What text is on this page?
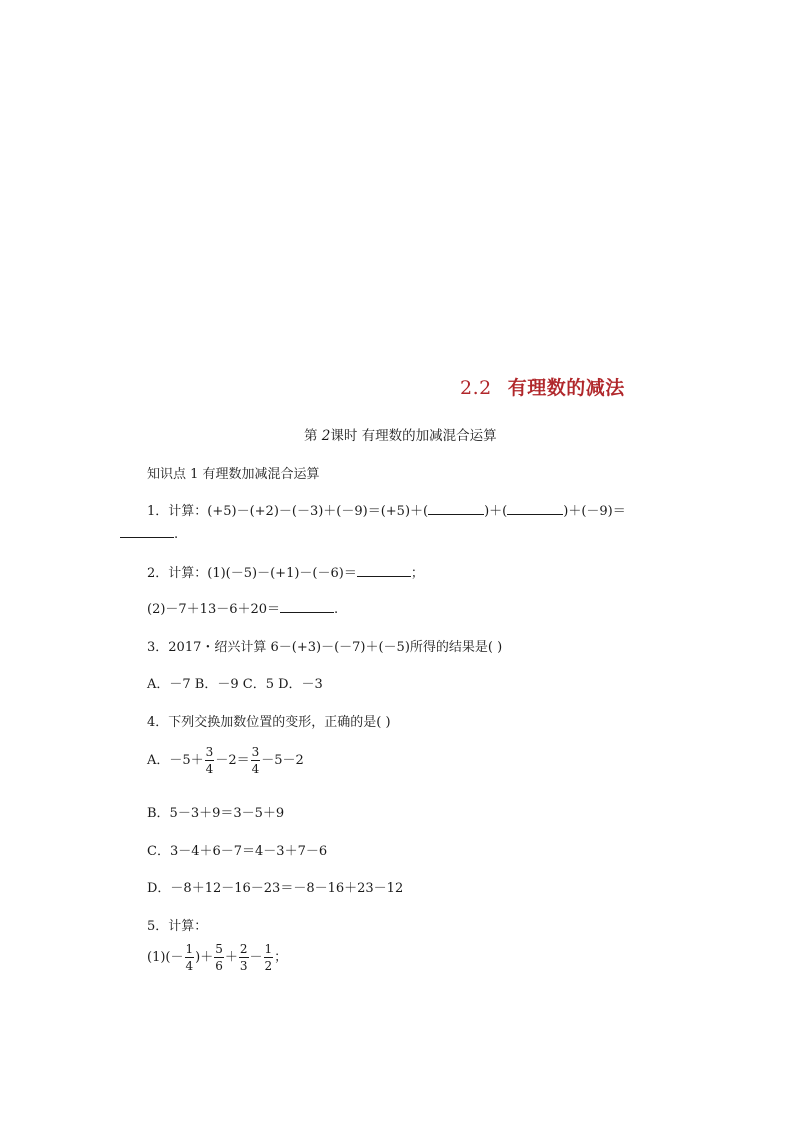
2.2 有理数的减法
第 2课时 有理数的加减混合运算
知识点 1 有理数加减混合运算
1．计算：(+5)－(+2)－(－3)＋(－9)＝(+5)＋(	)＋(	)＋(－9)＝
.
2．计算：(1)(－5)－(+1)－(－6)＝	；
(2)－7＋13－6＋20＝	.
3．2017・绍兴计算 6－(+3)－(－7)＋(－5)所得的结果是( )
A．－7 B．－9 C．5 D．－3
4．下列交换加数位置的变形，正确的是( )
A．$-5+ \frac{3}{4} -2= \frac{3}{4} -5-2$
B．5－3＋9＝3－5＋9
C．3－4＋6－7＝4－3＋7－6
D．－8＋12－16－23＝－8－16＋23－12
5．计算：
$(1)(- \frac{1}{4}$ )＋ $\frac{5}{6} + \frac{2}{3} - \frac{1}{2}$ ；
